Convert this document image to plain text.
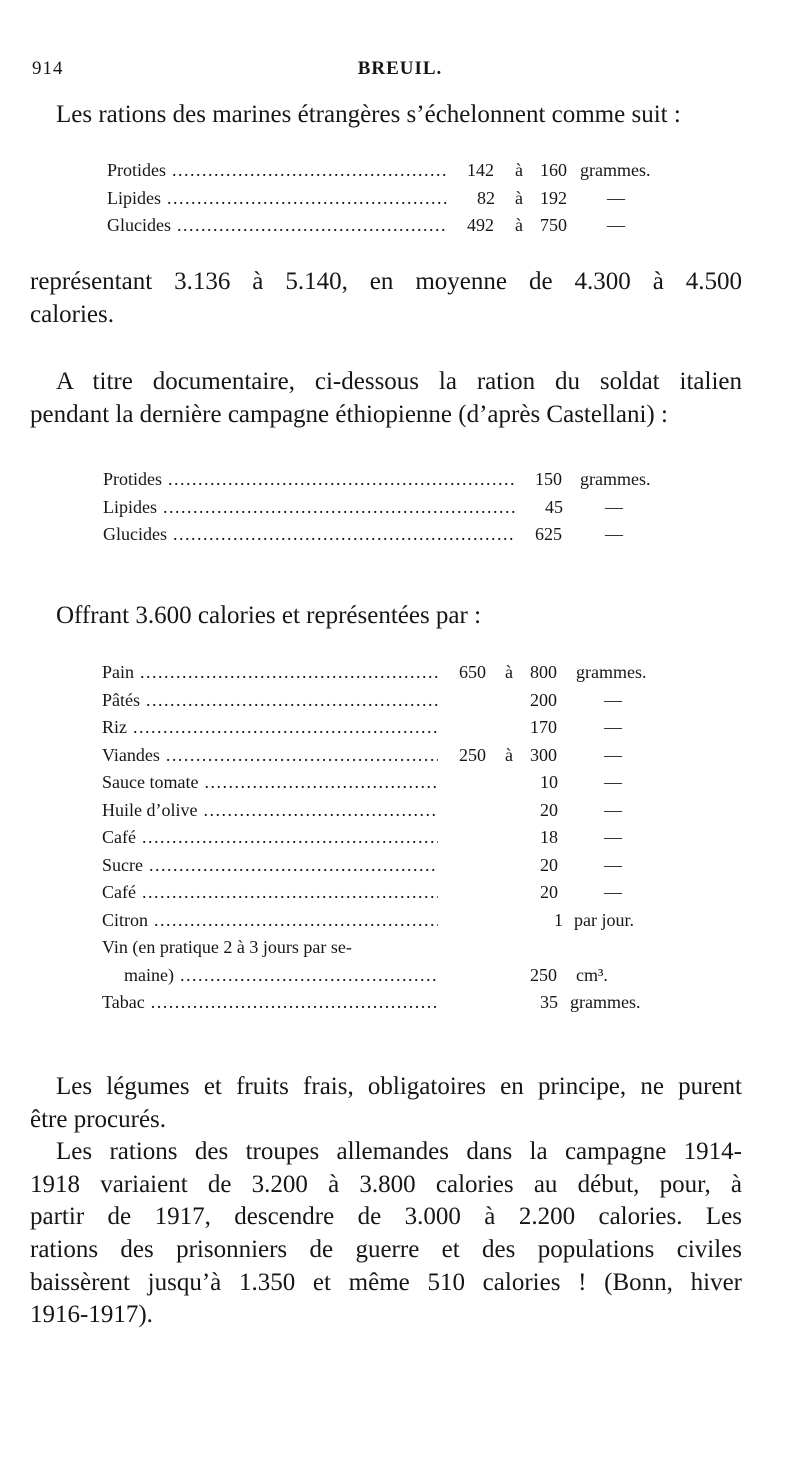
914	BREUIL.
Les rations des marines étrangères s’échelonnent comme suit :
Protides .....	142 à 160 grammes.
Lipides .....	82 à 192 —
Glucides .....	492 à 750 —
représentant 3.136 à 5.140, en moyenne de 4.300 à 4.500
calories.
A titre documentaire, ci-dessous la ration du soldat italien
pendant la dernière campagne éthiopienne (d’après Castellani) :
Protides .....	150 grammes.
Lipides .....	45 —
Glucides .....	625 —
Offrant 3.600 calories et représentées par :
Pain .....	650 à 800 grammes.
Pâtés .....	200	—
Riz .....	170	—
Viandes .....	250 à 300	—
Sauce tomate .....	10	—
Huile d’olive .....	20	—
Café .....	18	—
Sucre .....	20	—
Café .....	20	—
Citron .....	1 par jour.
Vin (en pratique 2 à 3 jours par se-
maine) .....	250 cm³.
Tabac .....	35 grammes.
Les légumes et fruits frais, obligatoires en principe, ne purent
être procurés.
Les rations des troupes allemandes dans la campagne 1914-
1918 variaient de 3.200 à 3.800 calories au début, pour, à
partir de 1917, descendre de 3.000 à 2.200 calories. Les
rations des prisonniers de guerre et des populations civiles
baissèrent jusqu’à 1.350 et même 510 calories ! (Bonn, hiver
1916-1917).
